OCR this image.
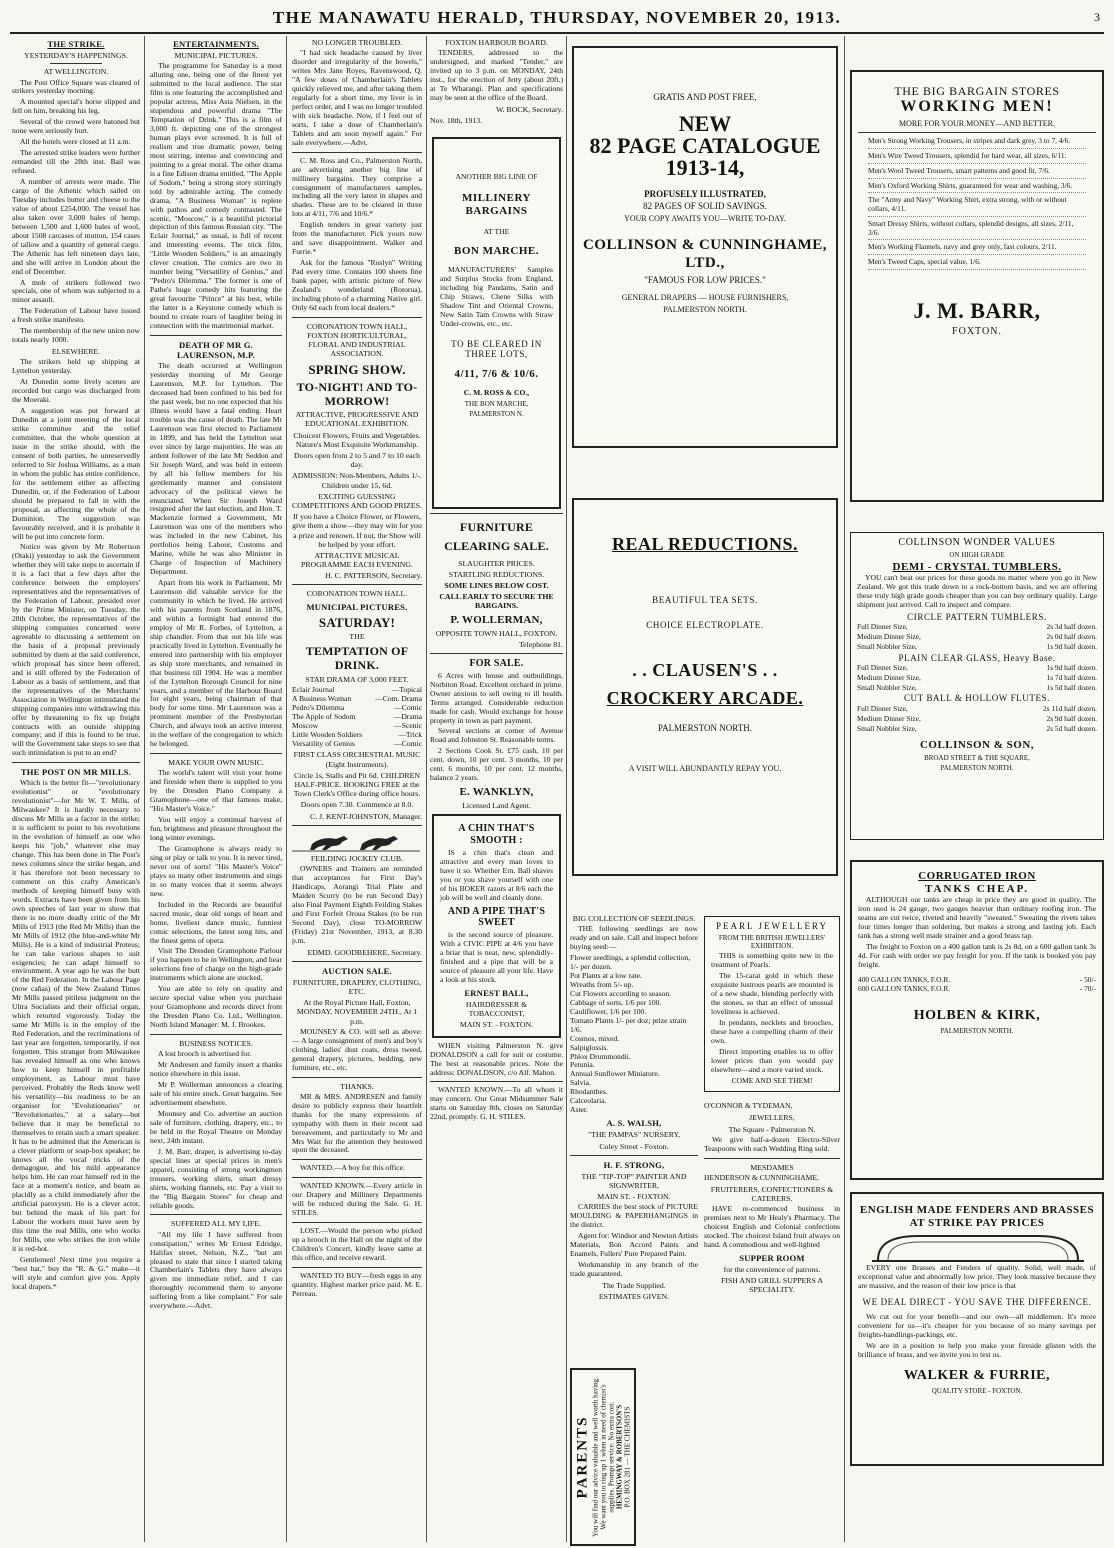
THE MANAWATU HERALD, THURSDAY, NOVEMBER 20, 1913.	3
THE STRIKE.
YESTERDAY'S HAPPENINGS.
AT WELLINGTON.

The Post Office Square was cleared of strikers yesterday morning.

A mounted special's horse slipped and fell on him, breaking his leg.

Several of the crowd were batoned but none were seriously hurt.

All the hotels were closed at 11 a.m.

The arrested strike leaders were further remanded till the 28th inst. Bail was refused.

A number of arrests were made. The cargo of the Athenic which sailed on Tuesday includes butter and cheese to the value of about £254,000. The vessel has also taken over 3,000 bales of hemp, between 1,500 and 1,600 bales of wool, about 1508 carcases of mutton, 154 cases of tallow and a quantity of general cargo. The Athenic has left nineteen days late, and she will arrive in London about the end of December.

A mob of strikers followed two specials, one of whom was subjected to a minor assault.

The Federation of Labour have issued a fresh strike manifesto.

The membership of the new union now totals nearly 1000.

ELSEWHERE.

The strikers held up shipping at Lyttelton yesterday.

At Dunedin some lively scenes are recorded but cargo was discharged from the Moeraki.

A suggestion was put forward at Dunedin at a joint meeting of the local strike committee and the relief committee, that the whole question at issue in the strike should, with the consent of both parties, be unreservedly referred to Sir Joshua Williams, as a man in whom the public has entire confidence, for the settlement either as affecting Dunedin, or, if the Federation of Labour should be prepared to fall in with the proposal, as affecting the whole of the Dominion. The suggestion was favourably received, and it is probable it will be put into concrete form.

Notice was given by Mr Robertson (Otaki) yesterday to ask the Government whether they will take steps to ascertain if it is a fact that a few days after the conference between the employers' representatives and the representatives of the Federation of Labour, presided over by the Prime Minister, on Tuesday, the 28th October, the representatives of the shipping companies concerned were agreeable to discussing a settlement on the basis of a proposal previously submitted by them at the said conference, which proposal has since been offered, and is still offered by the Federation of Labour as a basis of settlement, and that the representatives of the Merchants' Association in Wellington intimidated the shipping companies into withdrawing this offer by threatening to fix up freight contracts with an outside shipping company; and if this is found to be true, will the Government take steps to see that such intimidation is put to an end?

THE POST ON MR MILLS.

Which is the better fit—"revolutionary evolutionist" or "evolutionary revolutionist"—for Mr W. T. Mills, of Milwaukee? It is hardly necessary to discuss Mr Mills as a factor in the strike; it is sufficient to point to his revolutions in the evolution of himself as one who keeps his "job," whatever else may change. This has been done in The Post's news columns since the strike began, and it has therefore not been necessary to comment on this crafty American's methods of keeping himself busy with words. Extracts have been given from his own speeches of last year to show that there is no more deadly critic of the Mr Mills of 1913 (the Red Mr Mills) than the Mr Mills of 1912 (the blue-and-white Mr Mills). He is a kind of industrial Proteus; he can take various shapes to suit exigencies; he can adapt himself to environment. A year ago he was the butt of the Red Federation. In the Labour Page (now cañas) of the New Zealand Times Mr Mills passed pitiless judgment on the Ultra Socialists and their official organ, which retorted vigorously. Today the same Mr Mills is in the employ of the Red Federation, and the recriminations of last year are forgotten, temporarily, if not forgotten. This stranger from Milwaukee has revealed himself as one who knows how to keep himself in profitable employment, as Labour must have perceived. Probably the Reds know well his versatility—his readiness to be an organiser for "Evolutionaries" or "Revolutionaries," at a salary—but believe that it may be beneficial to themselves to retain such a smart speaker. It has to be admitted that the American is a clever platform or soap-box speaker; he knows all the vocal tricks of the demagogue, and his mild appearance helps him. He can roar himself red in the face at a moment's notice, and beam as placidly as a child immediately after the artificial paroxysm. He is a clever actor, but behind the mask of his part for Labour the workers must have seen by this time the real Mills, one who works for Mills, one who strikes the iron while it is red-hot.

Gentlemen! Next time you require a "best hat," buy the "R. & G." make—it will style and comfort give you. Apply local drapers.*

ENTERTAINMENTS.
MUNICIPAL PICTURES.

The programme for Saturday is a most alluring one, being one of the finest yet submitted to the local audience. The star film is one featuring the accomplished and popular actress, Miss Asta Nielsen, in the stupendous and powerful drama "The Temptation of Drink." This is a film of 3,000 ft. depicting one of the strongest human plays ever screened. It is full of realism and true dramatic power, being most stirring, intense and convincing and pointing to a great moral. The other drama is a fine Edison drama entitled, "The Apple of Sodom," being a strong story stirringly told by admirable acting. The comedy drama, "A Business Woman" is replete with pathos and comedy contrasted. The scenic, "Moscow," is a beautiful pictorial depiction of this famous Russian city. "The Eclair Journal," as usual, is full of recent and interesting events. The trick film, "Little Wooden Soldiers," is an amazingly clever creation. The comics are two in number being "Versatility of Genius," and "Pedro's Dilemma." The former is one of Pathe's huge comedy hits featuring the great favourite "Prince" at his best, while the latter is a Keystone comedy which is bound to create roars of laughter being in connection with the matrimonial market.

DEATH OF MR G. LAURENSON, M.P.

The death occurred at Wellington yesterday morning of Mr George Laurenson, M.P. for Lyttelton. The deceased had been confined to his bed for the past week, but no one expected that his illness would have a fatal ending. Heart trouble was the cause of death. The late Mr Laurenson was first elected to Parliament in 1899, and has held the Lyttelton seat ever since by large majorities. He was an ardent follower of the late Mr Seddon and Sir Joseph Ward, and was held in esteem by all his fellow members for his gentlemanly manner and consistent advocacy of the political views he enunciated. When Sir Joseph Ward resigned after the last election, and Hon. T. Mackenzie formed a Government, Mr Laurenson was one of the members who was included in the new Cabinet, his portfolios being Labour, Customs and Marine, while he was also Minister in Charge of Inspection of Machinery Department.

Apart from his work in Parliament, Mr Laurenson did valuable service for the community in which he lived. He arrived with his parents from Scotland in 1876, and within a fortnight had entered the employ of Mr R. Forbes, of Lyttelton, a ship chandler. From that out his life was practically lived in Lyttelton. Eventually he entered into partnership with his employer as ship store merchants, and remained in that business till 1904. He was a member of the Lyttelton Borough Council for nine years, and a member of the Harbour Board for eight years, being chairman of that body for some time. Mr Laurenson was a prominent member of the Presbyterian Church, and always took an active interest in the welfare of the congregation to which he belonged.

MAKE YOUR OWN MUSIC.

The world's talent will visit your home and fireside when there is supplied to you by the Dresden Piano Company a Gramophone—one of that famous make, "His Master's Voice."

You will enjoy a continual harvest of fun, brightness and pleasure throughout the long winter evenings.

The Gramophone is always ready to sing or play or talk to you. It is never tired, never out of sorts! "His Master's Voice" plays so many other instruments and sings in so many voices that it seems always new.

Included in the Records are beautiful sacred music, dear old songs of heart and home, liveliest dance music, funniest comic selections, the latest song hits, and the finest gems of opera.

Visit The Dresden Gramophone Parlour if you happen to be in Wellington, and hear selections free of charge on the high-grade instruments which alone are stocked.

You are able to rely on quality and secure special value when you purchase your Gramophone and records direct from the Dresden Piano Co. Ltd., Wellington. North Island Manager: M. J. Brookes.

BUSINESS NOTICES.

A lost brooch is advertised for.

Mr Andresen and family insert a thanks notice elsewhere in this issue.

Mr P. Wollerman announces a clearing sale of his entire stock. Great bargains. See advertisement elsewhere.

Mounsey and Co. advertise an auction sale of furniture, clothing, drapery, etc., to be held in the Royal Theatre on Monday next, 24th instant.

J. M. Barr, draper, is advertising to-day special lines at special prices in men's apparel, consisting of strong workingmen trousers, working shirts, smart dressy shirts, working flannels, etc. Pay a visit to the "Big Bargain Stores" for cheap and reliable goods.

SUFFERED ALL MY LIFE.

"All my life I have suffered from constipation," writes Mr Ernest Edridge, Halifax street, Nelson, N.Z., "but am pleased to state that since I started taking Chamberlain's Tablets they have always given me immediate relief, and I can thoroughly recommend them to anyone suffering from a like complaint." For sale everywhere.—Advt.

NO LONGER TROUBLED.

"I had sick headache caused by liver disorder and irregularity of the bowels," writes Mrs Jane Royes, Ravenswood, Q. "A few doses of Chamberlain's Tablets quickly relieved me, and after taking them regularly for a short time, my liver is in perfect order, and I was no longer troubled with sick headache. Now, if I feel out of sorts, I take a dose of Chamberlain's Tablets and am soon myself again." For sale everywhere.—Advt.

C. M. Ross and Co., Palmerston North, are advertising another big line of millinery bargains. They comprise a consignment of manufacturers samples, including all the very latest in shapes and shades. These are to be cleared in three lots at 4/11, 7/6 and 10/6.*

English tenders in great variety just from the manufacturer. Pick yours now and save disappointment. Walker and Furrie.*

Ask for the famous "Roslyn" Writing Pad every time. Contains 100 sheets fine bank paper, with artistic picture of New Zealand's wonderland (Rotorua), including photo of a charming Native girl. Only 6d each from local dealers.*

CORONATION TOWN HALL, FOXTON HORTICULTURAL, FLORAL AND INDUSTRIAL ASSOCIATION.
SPRING SHOW.
TO-NIGHT! AND TO-MORROW!
ATTRACTIVE, PROGRESSIVE AND EDUCATIONAL EXHIBITION.
Choicest Flowers, Fruits and Vegetables. Nature's Most Exquisite Workmanship.
Doors open from 2 to 5 and 7 to 10 each day.
ADMISSION: Non-Members, Adults 1/-. Children under 15, 6d.
EXCITING GUESSING COMPETITIONS AND GOOD PRIZES.
If you have a Choice Flower, or Flowers, give them a show—they may win for you a prize and renown. If not, the Show will be helped by your effort.
ATTRACTIVE MUSICAL PROGRAMME EACH EVENING.
H. C. PATTERSON, Secretary.
CORONATION TOWN HALL.
MUNICIPAL PICTURES.
SATURDAY!
THE
TEMPTATION OF DRINK.
STAR DRAMA OF 3,000 FEET.
Eclair Journal	—Topical
A Business Woman	—Com. Drama
Pedro's Dilemma	—Comic
The Apple of Sodom	—Drama
Moscow	—Scenic
Little Wooden Soldiers	—Trick
Versatility of Genius	—Comic
FIRST CLASS ORCHESTRAL MUSIC (Eight Instruments).
Circle 1s, Stalls and Pit 6d. CHILDREN HALF-PRICE. BOOKING FREE at the Town Clerk's Office during office hours.
Doors open 7.30. Commence at 8.0.
C. J. KENT-JOHNSTON, Manager.
FEILDING JOCKEY CLUB.

OWNERS and Trainers are reminded that acceptances for First Day's Handicaps, Aorangi Trial Plate and Maiden Scurry (to be run Second Day) also Final Payment Eighth Feilding Stakes and First Forfeit Oroua Stakes (to be run Second Day), close TO-MORROW (Friday) 21st November, 1913, at 8.30 p.m.

EDMD. GOODBEHERE, Secretary.
AUCTION SALE.
FURNITURE, DRAPERY, CLOTHING, ETC.
At the Royal Picture Hall, Foxton, MONDAY, NOVEMBER 24TH., At 1 p.m.

MOUNSEY & CO. will sell as above:— A large consignment of men's and boy's clothing, ladies' dust coats, dress tweed, general drapery, pictures, bedding, new furniture, etc., etc.

THANKS.

MR & MRS. ANDRESEN and family desire to publicly express their heartfelt thanks for the many expressions of sympathy with them in their recent sad bereavement, and particularly to Mr and Mrs Wait for the attention they bestowed upon the deceased.

WANTED.—A boy for this office.

WANTED KNOWN.—Every article in our Drapery and Millinery Departments will be reduced during the Sale. G. H. STILES.

LOST.—Would the person who picked up a brooch in the Hall on the night of the Children's Concert, kindly leave same at this office, and receive reward.

WANTED TO BUY—fresh eggs in any quantity. Highest market price paid. M. E. Perreau.

FOXTON HARBOUR BOARD.

TENDERS, addressed to the undersigned, and marked "Tender," are invited up to 3 p.m. on MONDAY, 24th inst., for the erection of Jetty (about 20ft.) at Te Wharangi. Plan and specifications may be seen at the office of the Board.

W. BOCK, Secretary.
Nov. 18th, 1913.
ANOTHER BIG LINE OF
MILLINERY BARGAINS
AT THE
BON MARCHE.

MANUFACTURERS' Samples and Surplus Stocks from England, including big Pandams, Satin and Chip Straws, Chene Silks with Shadow Tint and Oriental Crowns, New Satin Tam Crowns with Straw Under-crowns, etc., etc.

TO BE CLEARED IN THREE LOTS,
4/11, 7/6 & 10/6.
C. M. ROSS & CO.,
THE BON MARCHE,
PALMERSTON N.
FURNITURE CLEARING SALE.
SLAUGHTER PRICES.
STARTLING REDUCTIONS.
SOME LINES BELOW COST.
CALL EARLY TO SECURE THE BARGAINS.
P. WOLLERMAN,
OPPOSITE TOWN HALL, FOXTON.
Telephone 81.
FOR SALE.

6 Acres with house and outbuildings, Norbiton Road. Excellent orchard in prime. Owner anxious to sell owing to ill health. Terms arranged. Considerable reduction made for cash. Would exchange for house property in town as part payment.

Several sections at corner of Avenue Road and Johnston St. Reasonable terms.

2 Sections Cook St. £75 cash, 10 per cent. down, 10 per cent. 3 months, 10 per cent. 6 months, 10 per cent. 12 months, balance 2 years.

E. WANKLYN,
Licensed Land Agent.
A CHIN THAT'S SMOOTH :

IS a chin that's clean and attractive and every man loves to have it so. Whether Ern. Ball shaves you or you shave yourself with one of his BOKER razors at 8/6 each the job will be well and cleanly done.

AND A PIPE THAT'S SWEET

is the second source of pleasure. With a CIVIC PIPE at 4/6 you have a briar that is neat, new, splendidly-finished and a pipe that will be a source of pleasure all your life. Have a look at his stock.

ERNEST BALL,
HAIRDRESSER & TOBACCONIST,
MAIN ST. - FOXTON.

WHEN visiting Palmerston N. give DONALDSON a call for suit or costume. The best at reasonable prices. Note the address: DONALDSON, c/o Alf. Mahon.

WANTED KNOWN.—To all whom it may concern. Our Great Midsummer Sale starts on Saturday 8th, closes on Saturday 22nd, promptly. G. H. STILES.

GRATIS AND POST FREE,
NEW
82 PAGE CATALOGUE
1913-14,
PROFUSELY ILLUSTRATED,
82 PAGES OF SOLID SAVINGS.
YOUR COPY AWAITS YOU—WRITE TO-DAY.
COLLINSON & CUNNINGHAME, LTD.,
"FAMOUS FOR LOW PRICES."
GENERAL DRAPERS — HOUSE FURNISHERS,
PALMERSTON NORTH.
REAL REDUCTIONS.
BEAUTIFUL TEA SETS.
CHOICE ELECTROPLATE.
. . CLAUSEN'S . .
CROCKERY ARCADE.
PALMERSTON NORTH.
A VISIT WILL ABUNDANTLY REPAY YOU.
BIG COLLECTION OF SEEDLINGS.

THE following seedlings are now ready and on sale. Call and inspect before buying seed:—

Flower seedlings, a splendid collection, 1/- per dozen.
Pot Plants at a low rate.
Wreaths from 5/- up.
Cut Flowers according to season.
Cabbage of sorts, 1/6 per 100.
Cauliflower, 1/6 per 100.
Tomato Plants 1/- per doz; prize strain 1/6.
Cosmos, mixed.
Salpiglossis.
Phlox Drummondii.
Petunia.
Annual Sunflower Miniature.
Salvia.
Rhodanthes.
Calceolaria.
Aster.
A. S. WALSH,
"THE PAMPAS" NURSERY,
Coley Street - Foxton.
H. F. STRONG,
THE "TIP-TOP" PAINTER AND SIGNWRITER,
MAIN ST. - FOXTON.

CARRIES the best stock of PICTURE MOULDING & PAPERHANGINGS in the district.

Agent for: Windsor and Newton Artists Materials, Bon Accord Paints and Enamels, Fullers' Pure Prepared Paint.

Workmanship in any branch of the trade guaranteed.

The Trade Supplied.
ESTIMATES GIVEN.
PEARL JEWELLERY
FROM THE BRITISH JEWELLERS' EXHIBITION.

THIS is something quite new in the treatment of Pearls.

The 15-carat gold in which these exquisite lustrous pearls are mounted is of a new shade, blending perfectly with the stones, so that an effect of unusual loveliness is achieved.

In pendants, necklets and brooches, these have a compelling charm of their own.

Direct importing enables us to offer lower prices than you would pay elsewhere—and a more varied stock.

COME AND SEE THEM!
O'CONNOR & TYDEMAN,
JEWELLERS,
The Square - Palmerston N.

We give half-a-dozen Electro-Silver Teaspoons with each Wedding Ring sold.

MESDAMES
HENDERSON & CUNNINGHAME,
FRUITERERS, CONFECTIONERS & CATERERS.

HAVE re-commenced business in premises next to Mr Healy's Pharmacy. The choicest English and Colonial confections stocked. The choicest Island fruit always on hand. A commodious and well-lighted

SUPPER ROOM
for the convenience of patrons.
FISH AND GRILL SUPPERS A SPECIALITY.
PARENTS You will find our advice valuable and well worth having. We want you to ring up 1 when in need of chemist's supplies. Prompt service. No extra cost. HEMINGWAY & ROBERTSON'S P.O. BOX 281 — THE CHEMISTS
THE BIG BARGAIN STORES
WORKING MEN!
MORE FOR YOUR MONEY—AND BETTER.
Men's Strong Working Trousers, in stripes and dark grey, 3 to 7, 4/6.
Men's Wire Tweed Trousers, splendid for hard wear, all sizes, 6/11.
Men's Wool Tweed Trousers, smart patterns and good fit, 7/6.
Men's Oxford Working Shirts, guaranteed for wear and washing, 3/6.
The "Army and Navy" Working Shirt, extra strong, with or without collars, 4/11.
Smart Dressy Shirts, without collars, splendid designs, all sizes, 2/11, 3/6.
Men's Working Flannels, navy and grey only, fast colours, 2/11.
Men's Tweed Caps, special value, 1/6.
J. M. BARR,
FOXTON.
COLLINSON WONDER VALUES
ON HIGH GRADE
DEMI - CRYSTAL TUMBLERS.

YOU can't beat our prices for these goods no matter where you go in New Zealand. We got this trade down to a rock-bottom basis, and we are offering these truly high grade goods cheaper than you can buy ordinary quality. Large shipment just arrived. Call to inspect and compare.

CIRCLE PATTERN TUMBLERS.
Full Dinner Size,	2s 3d half dozen.
Medium Dinner Size,	2s 0d half dozen.
Small Nobbler Size,	1s 9d half dozen.
PLAIN CLEAR GLASS, Heavy Base.
Full Dinner Size,	1s 9d half dozen.
Medium Dinner Size,	1s 7d half dozen.
Small Nobbler Size,	1s 5d half dozen.
CUT BALL & HOLLOW FLUTES.
Full Dinner Size,	2s 11d half dozen.
Medium Dinner Size,	2s 9d half dozen.
Small Nobbler Size,	2s 5d half dozen.
COLLINSON & SON,
BROAD STREET & THE SQUARE,
PALMERSTON NORTH.
CORRUGATED IRON
TANKS CHEAP.

ALTHOUGH our tanks are cheap in price they are good in quality. The iron used is 24 gauge, two gauges heavier than ordinary roofing iron. The seams are cut twice, riveted and heavily "sweated." Sweating the rivets takes four times longer than soldering, but makes a strong and lasting job. Each tank has a strong well made strainer and a good brass tap.

The freight to Foxton on a 400 gallon tank is 2s 8d, on a 600 gallon tank 3s 4d. For cash with order we pay freight for you. If the tank is booked you pay freight.

400 GALLON TANKS, F.O.R.	- 50/-
600 GALLON TANKS, F.O.R.	- 70/-
HOLBEN & KIRK,
PALMERSTON NORTH.
ENGLISH MADE FENDERS AND BRASSES AT STRIKE PAY PRICES

EVERY one Brasses and Fenders of quality. Solid, well made, of exceptional value and abnormally low price. They look massive because they are massive, and the reason of their low price is that

WE DEAL DIRECT - YOU SAVE THE DIFFERENCE.

We cut out for your benefit—and our own—all middlemen. It's more convenient for us—it's cheaper for you because of so many savings per freights-handlings-packings, etc.

We are in a position to help you make your fireside glisten with the brilliance of brass, and we invite you to test us.

WALKER & FURRIE,
QUALITY STORE - FOXTON.
